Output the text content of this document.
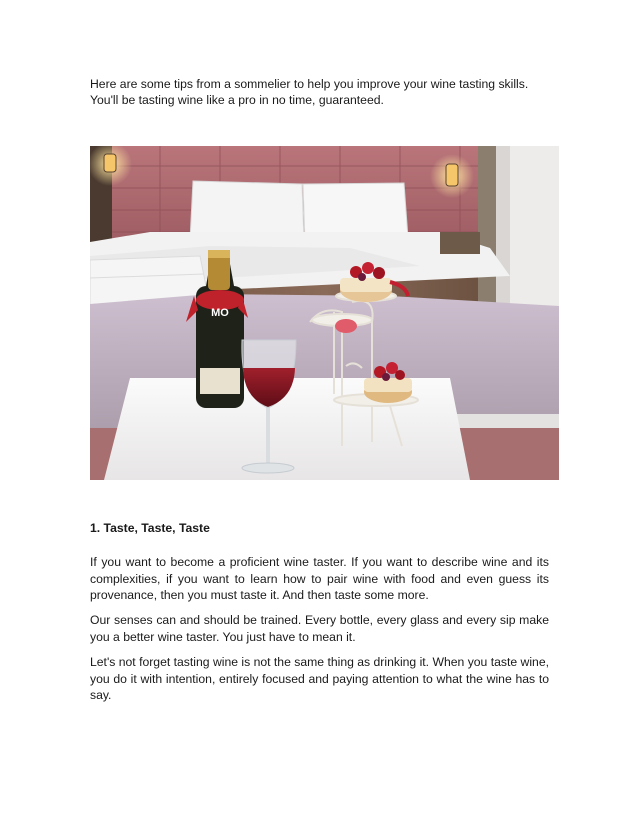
Here are some tips from a sommelier to help you improve your wine tasting skills.
You'll be tasting wine like a pro in no time, guaranteed.

MO
1. Taste, Taste, Taste

If you want to become a proficient wine taster. If you want to describe wine and its complexities, if you want to learn how to pair wine with food and even guess its provenance, then you must taste it. And then taste some more.

Our senses can and should be trained. Every bottle, every glass and every sip make you a better wine taster. You just have to mean it.

Let's not forget tasting wine is not the same thing as drinking it. When you taste wine, you do it with intention, entirely focused and paying attention to what the wine has to say.
